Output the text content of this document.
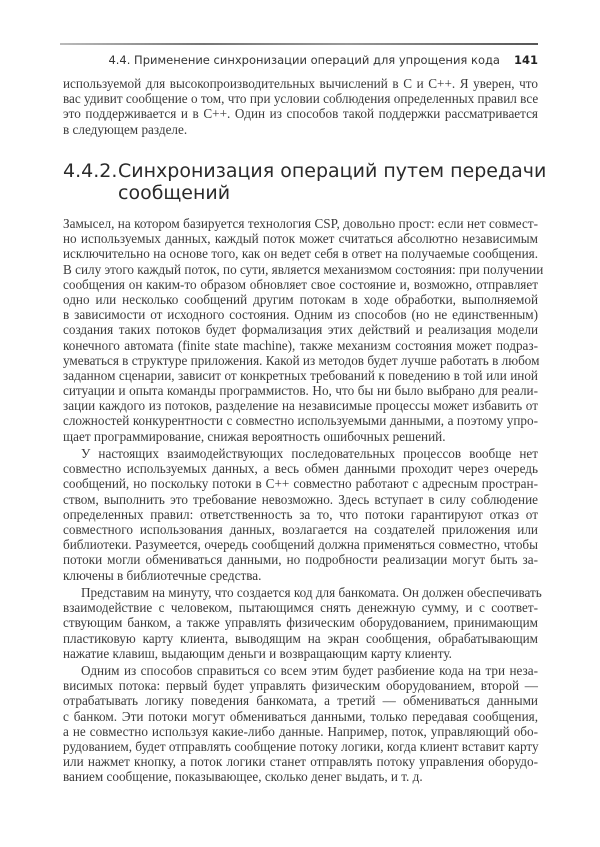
4.4. Применение синхронизации операций для упрощения кода 141
используемой для высокопроизводительных вычислений в C и C++. Я уверен, что
вас удивит сообщение о том, что при условии соблюдения определенных правил все
это поддерживается и в C++. Один из способов такой поддержки рассматривается
в следующем разделе.
4.4.2. Синхронизация операций путем передачи
сообщений
Замысел, на котором базируется технология CSP, довольно прост: если нет совмест-
но используемых данных, каждый поток может считаться абсолютно независимым
исключительно на основе того, как он ведет себя в ответ на получаемые сообщения.
В силу этого каждый поток, по сути, является механизмом состояния: при получении
сообщения он каким-то образом обновляет свое состояние и, возможно, отправляет
одно или несколько сообщений другим потокам в ходе обработки, выполняемой
в зависимости от исходного состояния. Одним из способов (но не единственным)
создания таких потоков будет формализация этих действий и реализация модели
конечного автомата (finite state machine), также механизм состояния может подраз-
умеваться в структуре приложения. Какой из методов будет лучше работать в любом
заданном сценарии, зависит от конкретных требований к поведению в той или иной
ситуации и опыта команды программистов. Но, что бы ни было выбрано для реали-
зации каждого из потоков, разделение на независимые процессы может избавить от
сложностей конкурентности с совместно используемыми данными, а поэтому упро-
щает программирование, снижая вероятность ошибочных решений.
У настоящих взаимодействующих последовательных процессов вообще нет
совместно используемых данных, а весь обмен данными проходит через очередь
сообщений, но поскольку потоки в C++ совместно работают с адресным простран-
ством, выполнить это требование невозможно. Здесь вступает в силу соблюдение
определенных правил: ответственность за то, что потоки гарантируют отказ от
совместного использования данных, возлагается на создателей приложения или
библиотеки. Разумеется, очередь сообщений должна применяться совместно, чтобы
потоки могли обмениваться данными, но подробности реализации могут быть за-
ключены в библиотечные средства.
Представим на минуту, что создается код для банкомата. Он должен обеспечивать
взаимодействие с человеком, пытающимся снять денежную сумму, и с соответ-
ствующим банком, а также управлять физическим оборудованием, принимающим
пластиковую карту клиента, выводящим на экран сообщения, обрабатывающим
нажатие клавиш, выдающим деньги и возвращающим карту клиенту.
Одним из способов справиться со всем этим будет разбиение кода на три неза-
висимых потока: первый будет управлять физическим оборудованием, второй —
отрабатывать логику поведения банкомата, а третий — обмениваться данными
с банком. Эти потоки могут обмениваться данными, только передавая сообщения,
а не совместно используя какие-либо данные. Например, поток, управляющий обо-
рудованием, будет отправлять сообщение потоку логики, когда клиент вставит карту
или нажмет кнопку, а поток логики станет отправлять потоку управления оборудо-
ванием сообщение, показывающее, сколько денег выдать, и т. д.
